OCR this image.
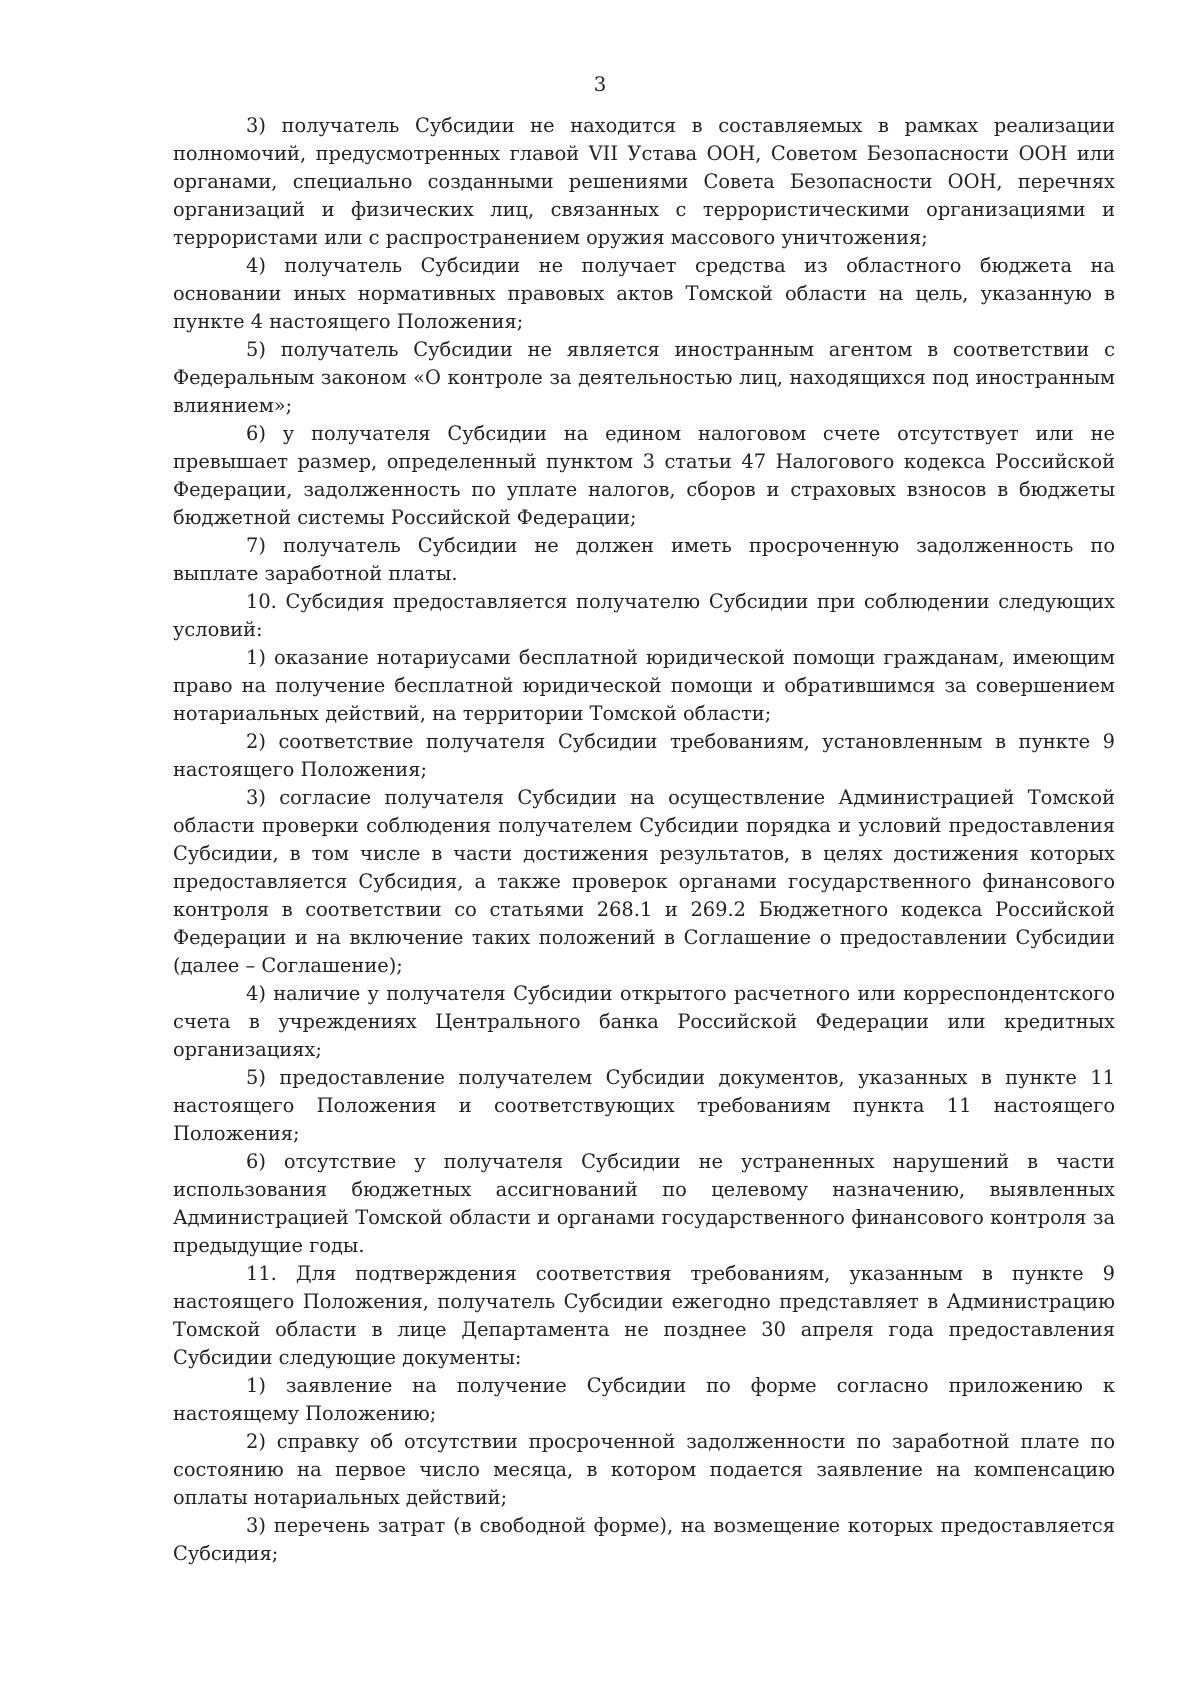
3

3) получатель Субсидии не находится в составляемых в рамках реализации полномочий, предусмотренных главой VII Устава ООН, Советом Безопасности ООН или органами, специально созданными решениями Совета Безопасности ООН, перечнях организаций и физических лиц, связанных с террористическими организациями и террористами или с распространением оружия массового уничтожения;

4) получатель Субсидии не получает средства из областного бюджета на основании иных нормативных правовых актов Томской области на цель, указанную в пункте 4 настоящего Положения;

5) получатель Субсидии не является иностранным агентом в соответствии с Федеральным законом «О контроле за деятельностью лиц, находящихся под иностранным влиянием»;

6) у получателя Субсидии на едином налоговом счете отсутствует или не превышает размер, определенный пунктом 3 статьи 47 Налогового кодекса Российской Федерации, задолженность по уплате налогов, сборов и страховых взносов в бюджеты бюджетной системы Российской Федерации;

7) получатель Субсидии не должен иметь просроченную задолженность по выплате заработной платы.

10. Субсидия предоставляется получателю Субсидии при соблюдении следующих условий:

1) оказание нотариусами бесплатной юридической помощи гражданам, имеющим право на получение бесплатной юридической помощи и обратившимся за совершением нотариальных действий, на территории Томской области;

2) соответствие получателя Субсидии требованиям, установленным в пункте 9 настоящего Положения;

3) согласие получателя Субсидии на осуществление Администрацией Томской области проверки соблюдения получателем Субсидии порядка и условий предоставления Субсидии, в том числе в части достижения результатов, в целях достижения которых предоставляется Субсидия, а также проверок органами государственного финансового контроля в соответствии со статьями 268.1 и 269.2 Бюджетного кодекса Российской Федерации и на включение таких положений в Соглашение о предоставлении Субсидии (далее – Соглашение);

4) наличие у получателя Субсидии открытого расчетного или корреспондентского счета в учреждениях Центрального банка Российской Федерации или кредитных организациях;

5) предоставление получателем Субсидии документов, указанных в пункте 11 настоящего Положения и соответствующих требованиям пункта 11 настоящего Положения;

6) отсутствие у получателя Субсидии не устраненных нарушений в части использования бюджетных ассигнований по целевому назначению, выявленных Администрацией Томской области и органами государственного финансового контроля за предыдущие годы.

11. Для подтверждения соответствия требованиям, указанным в пункте 9 настоящего Положения, получатель Субсидии ежегодно представляет в Администрацию Томской области в лице Департамента не позднее 30 апреля года предоставления Субсидии следующие документы:

1) заявление на получение Субсидии по форме согласно приложению к настоящему Положению;

2) справку об отсутствии просроченной задолженности по заработной плате по состоянию на первое число месяца, в котором подается заявление на компенсацию оплаты нотариальных действий;

3) перечень затрат (в свободной форме), на возмещение которых предоставляется Субсидия;
